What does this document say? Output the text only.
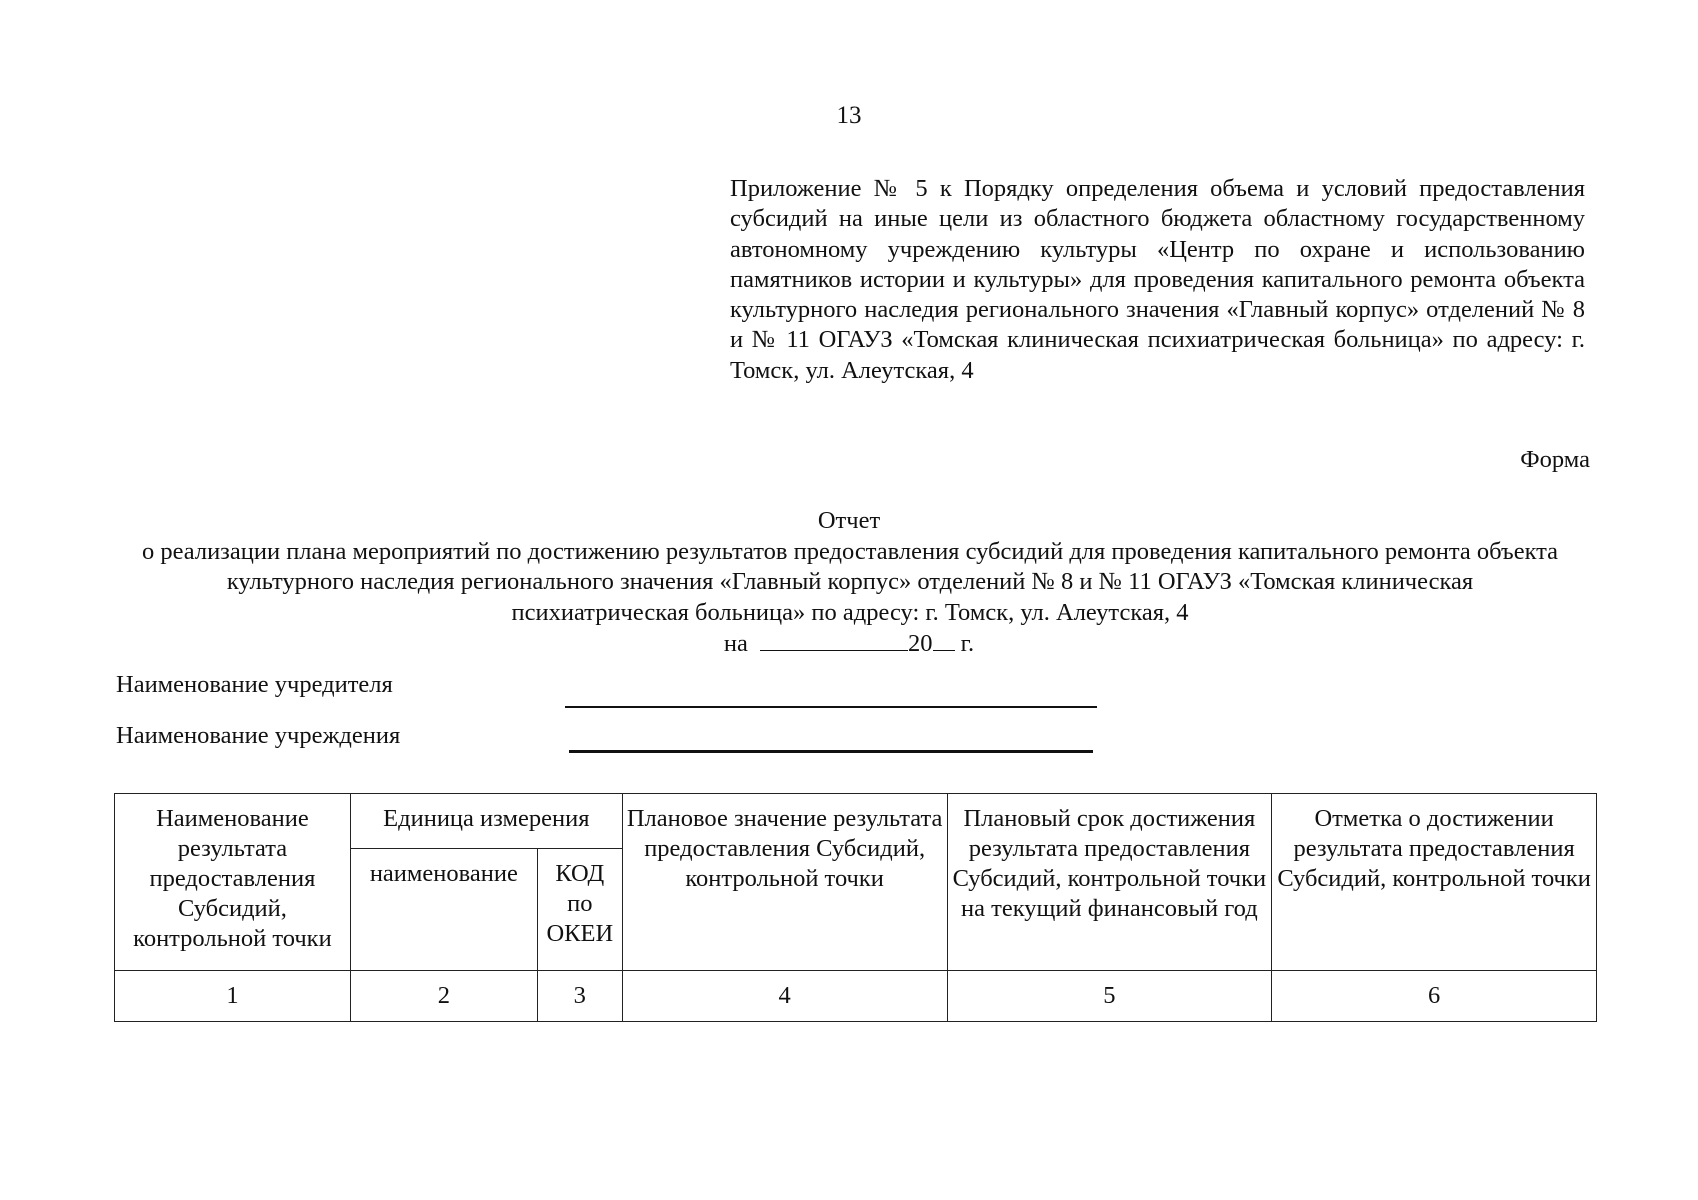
13
Приложение № 5 к Порядку определения объема и условий предоставления субсидий на иные цели из областного бюджета областному государственному автономному учреждению культуры «Центр по охране и использованию памятников истории и культуры» для проведения капитального ремонта объекта культурного наследия регионального значения «Главный корпус» отделений № 8 и № 11 ОГАУЗ «Томская клиническая психиатрическая больница» по адресу: г. Томск, ул. Алеутская, 4
Форма
Отчет
о реализации плана мероприятий по достижению результатов предоставления субсидий для проведения капитального ремонта объекта культурного наследия регионального значения «Главный корпус» отделений № 8 и № 11 ОГАУЗ «Томская клиническая психиатрическая больница» по адресу: г. Томск, ул. Алеутская, 4
на	20 г.
Наименование учредителя
Наименование учреждения
Наименование результата предоставления Субсидий, контрольной точки	Единица измерения		Плановое значение результата предоставления Субсидий, контрольной точки	Плановый срок достижения результата предоставления Субсидий, контрольной точки на текущий финансовый год	Отметка о достижении результата предоставления Субсидий, контрольной точки
	наименование	КОД по ОКЕИ			
1	2	3	4	5	6
